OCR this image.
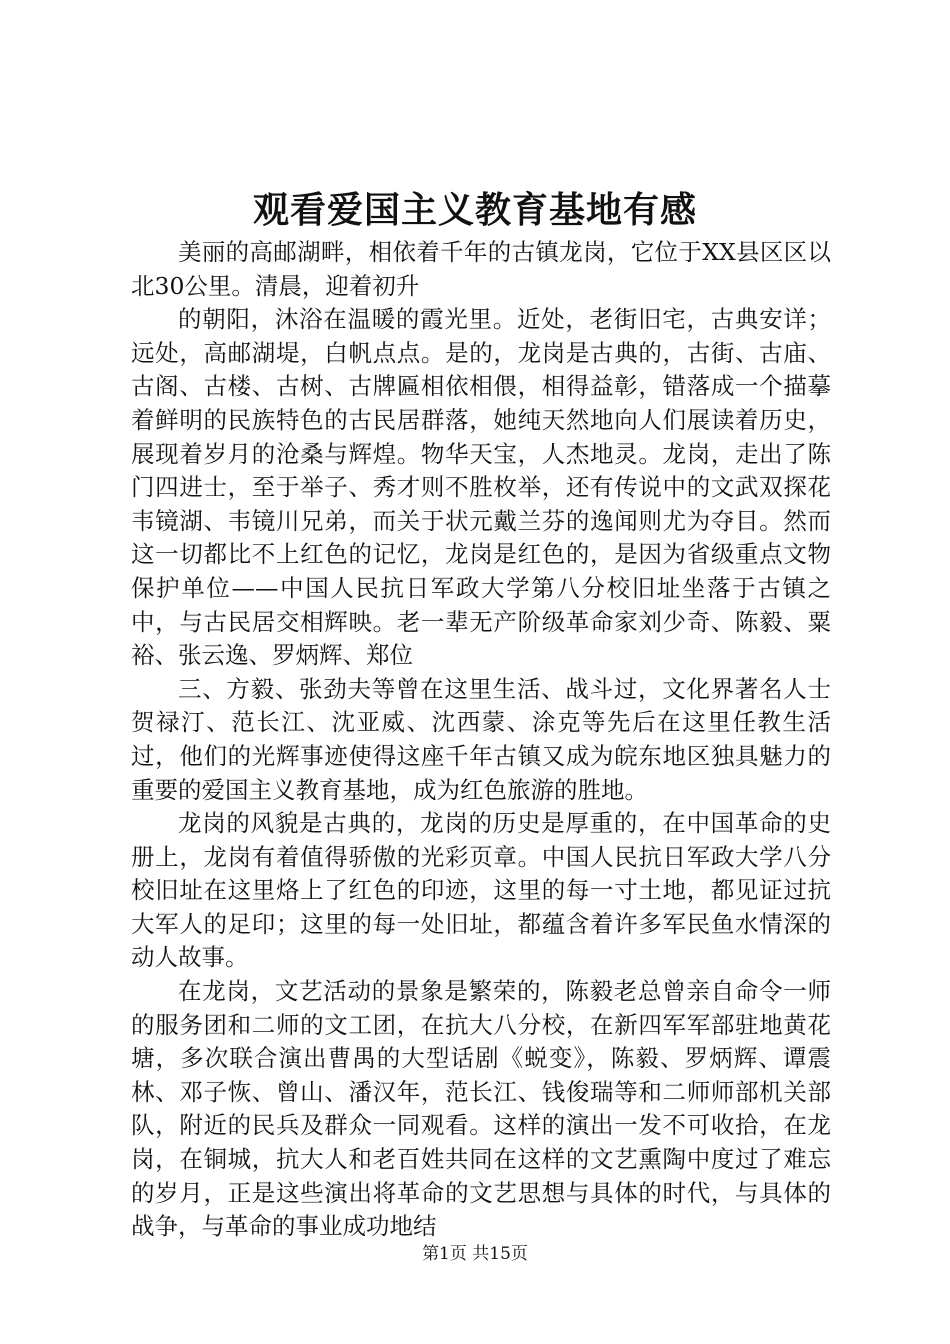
观看爱国主义教育基地有感

美丽的高邮湖畔，相依着千年的古镇龙岗，它位于XX县区区以北30公里。清晨，迎着初升

的朝阳，沐浴在温暖的霞光里。近处，老街旧宅，古典安详；远处，高邮湖堤，白帆点点。是的，龙岗是古典的，古街、古庙、古阁、古楼、古树、古牌匾相依相偎，相得益彰，错落成一个描摹着鲜明的民族特色的古民居群落，她纯天然地向人们展读着历史，展现着岁月的沧桑与辉煌。物华天宝，人杰地灵。龙岗，走出了陈门四进士，至于举子、秀才则不胜枚举，还有传说中的文武双探花韦镜湖、韦镜川兄弟，而关于状元戴兰芬的逸闻则尤为夺目。然而这一切都比不上红色的记忆，龙岗是红色的，是因为省级重点文物保护单位——中国人民抗日军政大学第八分校旧址坐落于古镇之中，与古民居交相辉映。老一辈无产阶级革命家刘少奇、陈毅、粟裕、张云逸、罗炳辉、郑位

三、方毅、张劲夫等曾在这里生活、战斗过，文化界著名人士贺禄汀、范长江、沈亚威、沈西蒙、涂克等先后在这里任教生活过，他们的光辉事迹使得这座千年古镇又成为皖东地区独具魅力的重要的爱国主义教育基地，成为红色旅游的胜地。

龙岗的风貌是古典的，龙岗的历史是厚重的，在中国革命的史册上，龙岗有着值得骄傲的光彩页章。中国人民抗日军政大学八分校旧址在这里烙上了红色的印迹，这里的每一寸土地，都见证过抗大军人的足印；这里的每一处旧址，都蕴含着许多军民鱼水情深的动人故事。

在龙岗，文艺活动的景象是繁荣的，陈毅老总曾亲自命令一师的服务团和二师的文工团，在抗大八分校，在新四军军部驻地黄花塘，多次联合演出曹禺的大型话剧《蜕变》，陈毅、罗炳辉、谭震林、邓子恢、曾山、潘汉年，范长江、钱俊瑞等和二师师部机关部队，附近的民兵及群众一同观看。这样的演出一发不可收拾，在龙岗，在铜城，抗大人和老百姓共同在这样的文艺熏陶中度过了难忘的岁月，正是这些演出将革命的文艺思想与具体的时代，与具体的战争，与革命的事业成功地结

第1页 共15页
